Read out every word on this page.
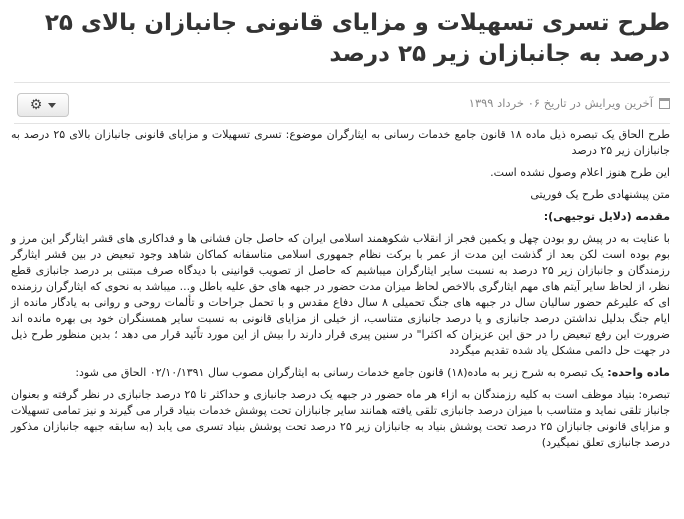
طرح تسری تسهیلات و مزایای قانونی جانبازان بالای ۲۵ درصد به جانبازان زیر ۲۵ درصد
آخرین ویرایش در تاریخ ۰۶ خرداد ۱۳۹۹
⚙

طرح الحاق یک تبصره ذیل ماده ۱۸ قانون جامع خدمات رسانی به ایثارگران موضوع: تسری تسهیلات و مزایای قانونی جانبازان بالای ۲۵ درصد به جانبازان زیر ۲۵ درصد

این طرح هنوز اعلام وصول نشده است.

متن پیشنهادی طرح یک فوریتی

مقدمه (دلایل توجیهی):

با عنایت به در پیش رو بودن چهل و یکمین فجر از انقلاب شکوهمند اسلامی ایران که حاصل جان فشانی ها و فداکاری های قشر ایثارگر این مرز و بوم بوده است لکن بعد از گذشت این مدت از عمر با برکت نظام جمهوری اسلامی متاسفانه کماکان شاهد وجود تبعیض در بین قشر ایثارگر رزمندگان و جانبازان زیر ۲۵ درصد به نسبت سایر ایثارگران میباشیم که حاصل از تصویب قوانینی با دیدگاه صرف مبتنی بر درصد جانبازی قطع نظر، از لحاظ سایر آیتم های مهم ایثارگری بالاخص لحاظ میزان مدت حضور در جبهه های حق علیه باطل و... میباشد به نحوی که ایثارگران رزمنده ای که علیرغم حضور سالیان سال در جبهه های جنگ تحمیلی ۸ سال دفاع مقدس و با تحمل جراحات و تألمات روحی و روانی به یادگار مانده از ایام جنگ بدلیل نداشتن درصد جانبازی و یا درصد جانبازی متناسب، از خیلی از مزایای قانونی به نسبت سایر همسنگران خود بی بهره مانده اند ضرورت این رفع تبعیض را در حق این عزیزان که اکثرا" در سنین پیری قرار دارند را بیش از این مورد تاًئید قرار می دهد ؛ بدین منظور طرح ذیل در جهت حل دائمی مشکل یاد شده تقدیم میگردد

ماده واحده: یک تبصره به شرح زیر به ماده(۱۸) قانون جامع خدمات رسانی به ایثارگران مصوب سال ۰۲/۱۰/۱۳۹۱ الحاق می شود:

تبصره: بنیاد موظف است به کلیه رزمندگان به ازاء هر ماه حضور در جبهه یک درصد جانبازی و حداکثر تا ۲۵ درصد جانبازی در نظر گرفته و بعنوان جانباز تلقی نماید و متناسب با میزان درصد جانبازی تلقی یافته همانند سایر جانبازان تحت پوشش خدمات بنیاد قرار می گیرند و نیز تمامی تسهیلات و مزایای قانونی جانبازان ۲۵ درصد تحت پوشش بنیاد به جانبازان زیر ۲۵ درصد تحت پوشش بنیاد تسری می یابد (به سابقه جبهه جانبازان مذکور درصد جانبازی تعلق نمیگیرد)
